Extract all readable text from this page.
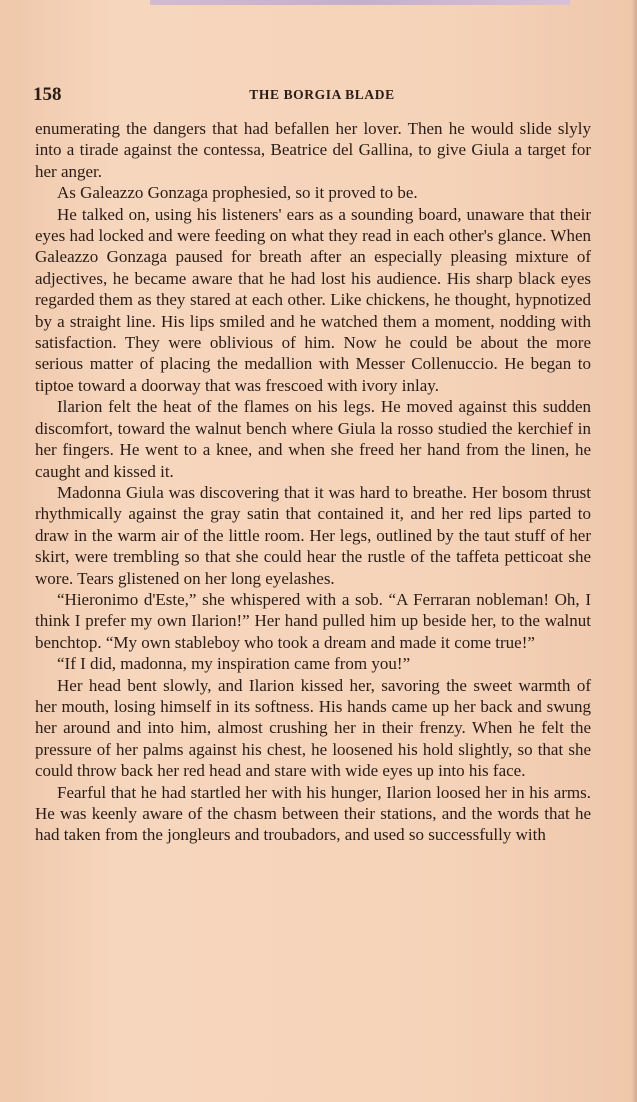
158	THE BORGIA BLADE

enumerating the dangers that had befallen her lover. Then he would slide slyly into a tirade against the contessa, Beatrice del Gallina, to give Giula a target for her anger.

As Galeazzo Gonzaga prophesied, so it proved to be.

He talked on, using his listeners' ears as a sounding board, unaware that their eyes had locked and were feeding on what they read in each other's glance. When Galeazzo Gonzaga paused for breath after an especially pleasing mixture of adjectives, he became aware that he had lost his audience. His sharp black eyes regarded them as they stared at each other. Like chickens, he thought, hypnotized by a straight line. His lips smiled and he watched them a moment, nodding with satisfaction. They were oblivious of him. Now he could be about the more serious matter of placing the medallion with Messer Collenuccio. He began to tiptoe toward a doorway that was frescoed with ivory inlay.

Ilarion felt the heat of the flames on his legs. He moved against this sudden discomfort, toward the walnut bench where Giula la rosso studied the kerchief in her fingers. He went to a knee, and when she freed her hand from the linen, he caught and kissed it.

Madonna Giula was discovering that it was hard to breathe. Her bosom thrust rhythmically against the gray satin that contained it, and her red lips parted to draw in the warm air of the little room. Her legs, outlined by the taut stuff of her skirt, were trembling so that she could hear the rustle of the taffeta petticoat she wore. Tears glistened on her long eyelashes.

“Hieronimo d'Este,” she whispered with a sob. “A Ferraran nobleman! Oh, I think I prefer my own Ilarion!” Her hand pulled him up beside her, to the walnut benchtop. “My own stableboy who took a dream and made it come true!”

“If I did, madonna, my inspiration came from you!”

Her head bent slowly, and Ilarion kissed her, savoring the sweet warmth of her mouth, losing himself in its softness. His hands came up her back and swung her around and into him, almost crushing her in their frenzy. When he felt the pressure of her palms against his chest, he loosened his hold slightly, so that she could throw back her red head and stare with wide eyes up into his face.

Fearful that he had startled her with his hunger, Ilarion loosed her in his arms. He was keenly aware of the chasm between their stations, and the words that he had taken from the jongleurs and troubadors, and used so successfully with
